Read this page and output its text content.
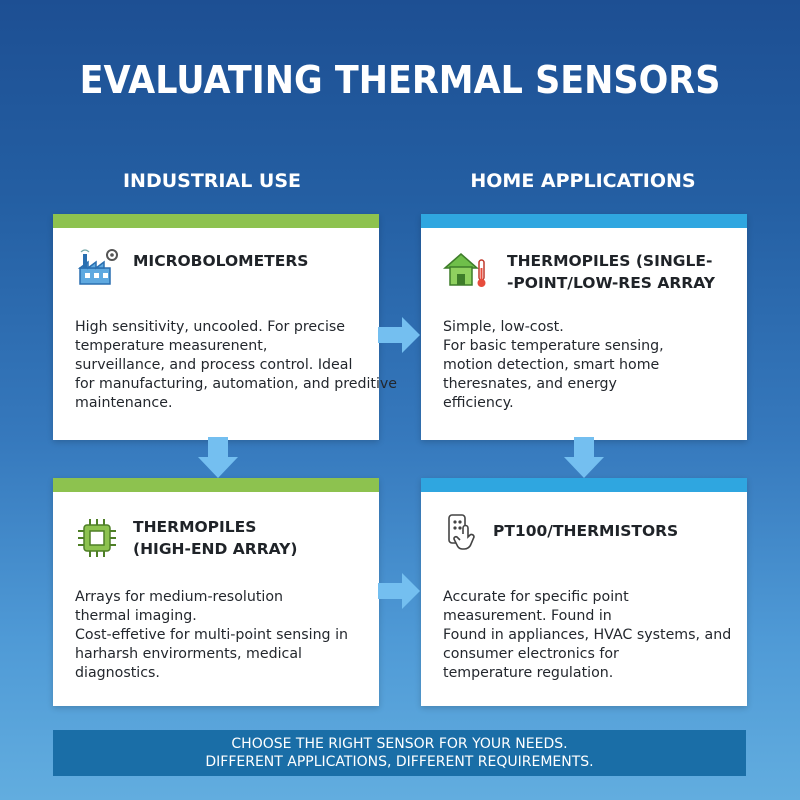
EVALUATING THERMAL SENSORS
INDUSTRIAL USE	HOME APPLICATIONS
MICROBOLOMETERS
High sensitivity, uncooled. For precise
temperature measurenent,
surveillance, and process control. Ideal
for manufacturing, automation, and preditive
maintenance.
THERMOPILES (SINGLE-
-POINT/LOW-RES ARRAY
Simple, low-cost.
For basic temperature sensing,
motion detection, smart home
theresnates, and energy
efficiency.
THERMOPILES
(HIGH-END ARRAY)
Arrays for medium-resolution
thermal imaging.
Cost-effetive for multi-point sensing in
harharsh envirorments, medical
diagnostics.
PT100/THERMISTORS
Accurate for specific point
measurement. Found in
Found in appliances, HVAC systems, and
consumer electronics for
temperature regulation.
CHOOSE THE RIGHT SENSOR FOR YOUR NEEDS.
DIFFERENT APPLICATIONS, DIFFERENT REQUIREMENTS.
